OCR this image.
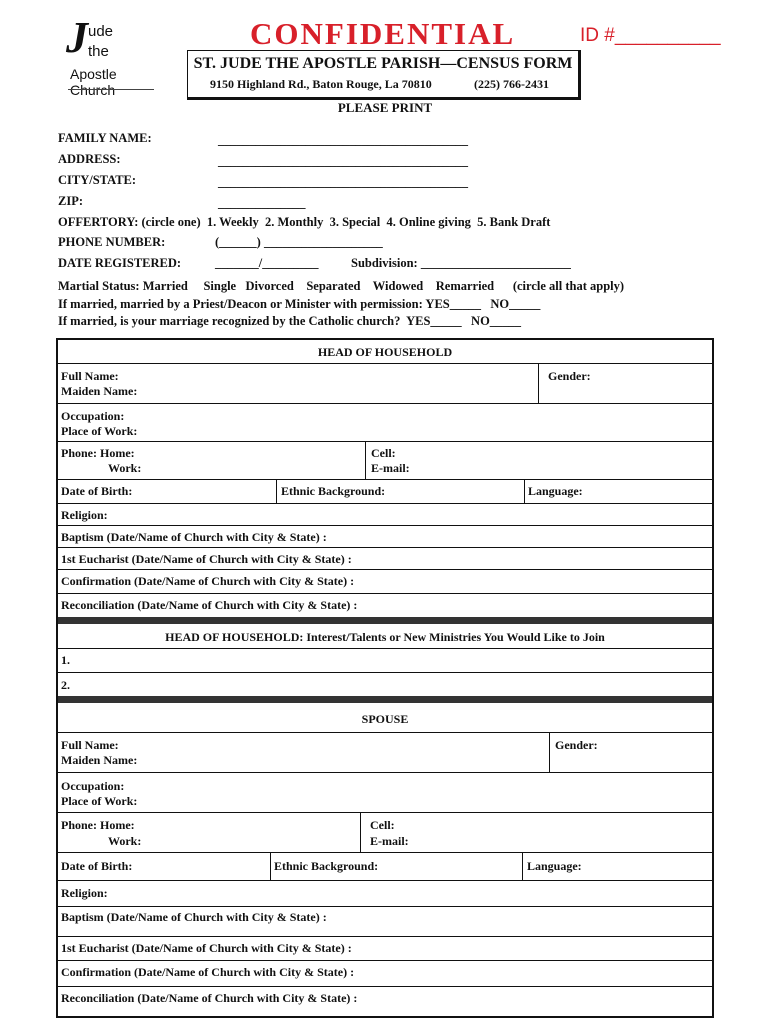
J ude
the
Apostle Church
CONFIDENTIAL	ID #__________
ST. JUDE THE APOSTLE PARISH—CENSUS FORM
9150 Highland Rd., Baton Rouge, La 70810	(225) 766-2431
PLEASE PRINT
FAMILY NAME:	________________________________________
ADDRESS:	________________________________________
CITY/STATE:	________________________________________
ZIP:	______________
OFFERTORY: (circle one)  1. Weekly  2. Monthly  3. Special  4. Online giving  5. Bank Draft
PHONE NUMBER:	(______) ___________________
DATE REGISTERED:	_______/_________	Subdivision: ________________________
Martial Status: Married     Single   Divorced    Separated    Widowed    Remarried      (circle all that apply)
If married, married by a Priest/Deacon or Minister with permission: YES_____   NO_____
If married, is your marriage recognized by the Catholic church?  YES_____   NO_____
HEAD OF HOUSEHOLD
Full Name:
Maiden Name:
Gender:
Occupation:
Place of Work:
Phone: Home:
Work:
Cell:
E-mail:
Date of Birth:	Ethnic Background:	Language:
Religion:
Baptism (Date/Name of Church with City & State) :
1st Eucharist (Date/Name of Church with City & State) :
Confirmation (Date/Name of Church with City & State) :
Reconciliation (Date/Name of Church with City & State) :
HEAD OF HOUSEHOLD: Interest/Talents or New Ministries You Would Like to Join
1.
2.
SPOUSE
Full Name:
Maiden Name:
Gender:
Occupation:
Place of Work:
Phone: Home:
Work:
Cell:
E-mail:
Date of Birth:	Ethnic Background:	Language:
Religion:
Baptism (Date/Name of Church with City & State) :
1st Eucharist (Date/Name of Church with City & State) :
Confirmation (Date/Name of Church with City & State) :
Reconciliation (Date/Name of Church with City & State) :
